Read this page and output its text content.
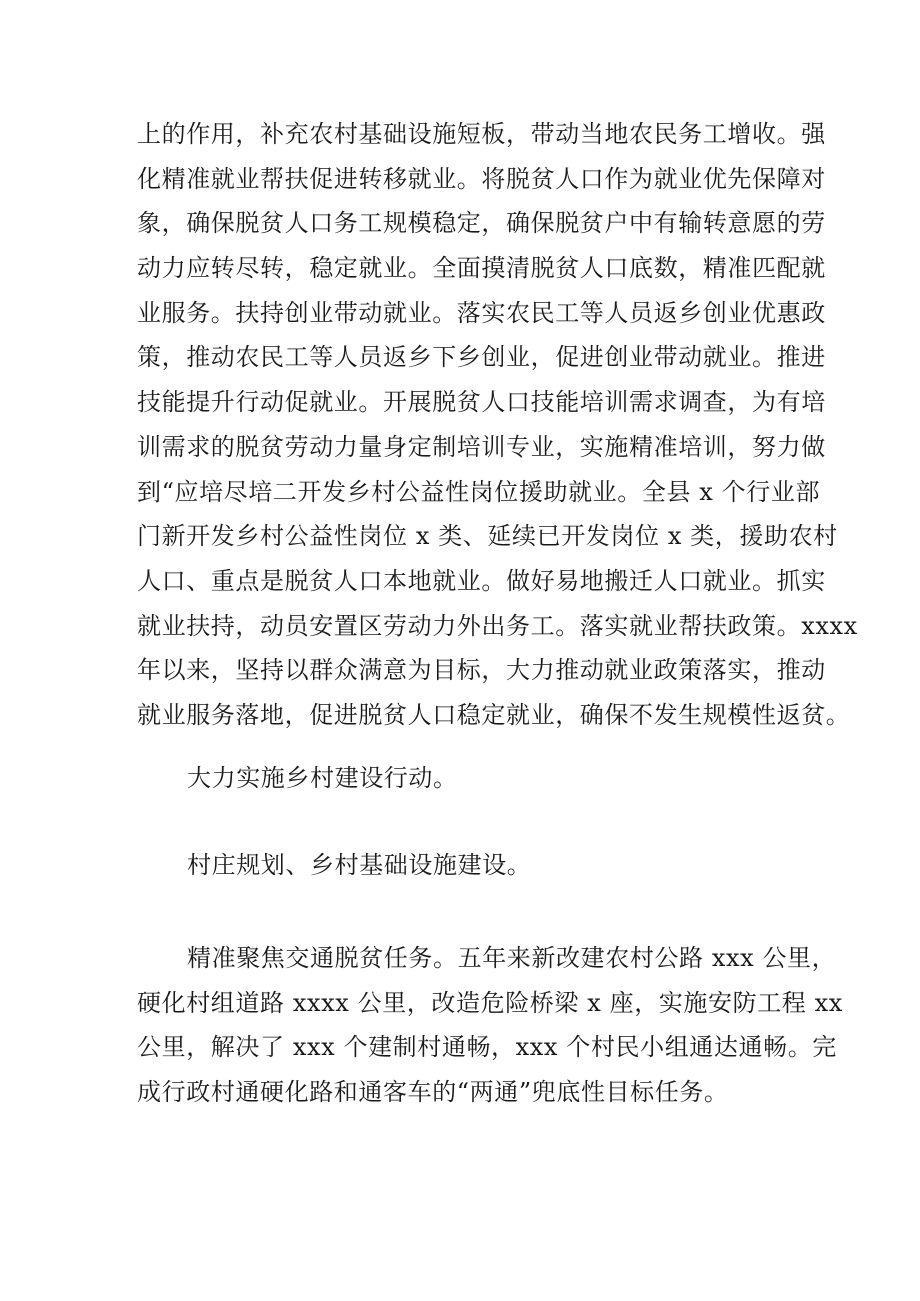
上的作用，补充农村基础设施短板，带动当地农民务工增收。强
化精准就业帮扶促进转移就业。将脱贫人口作为就业优先保障对
象，确保脱贫人口务工规模稳定，确保脱贫户中有输转意愿的劳
动力应转尽转，稳定就业。全面摸清脱贫人口底数，精准匹配就
业服务。扶持创业带动就业。落实农民工等人员返乡创业优惠政
策，推动农民工等人员返乡下乡创业，促进创业带动就业。推进
技能提升行动促就业。开展脱贫人口技能培训需求调查，为有培
训需求的脱贫劳动力量身定制培训专业，实施精准培训，努力做
到“应培尽培二开发乡村公益性岗位援助就业。全县 x 个行业部
门新开发乡村公益性岗位 x 类、延续已开发岗位 x 类，援助农村
人口、重点是脱贫人口本地就业。做好易地搬迁人口就业。抓实
就业扶持，动员安置区劳动力外出务工。落实就业帮扶政策。xxxx
年以来，坚持以群众满意为目标，大力推动就业政策落实，推动
就业服务落地，促进脱贫人口稳定就业，确保不发生规模性返贫。

大力实施乡村建设行动。

村庄规划、乡村基础设施建设。

精准聚焦交通脱贫任务。五年来新改建农村公路 xxx 公里，
硬化村组道路 xxxx 公里，改造危险桥梁 x 座，实施安防工程 xx
公里，解决了 xxx 个建制村通畅，xxx 个村民小组通达通畅。完
成行政村通硬化路和通客车的“两通”兜底性目标任务。
